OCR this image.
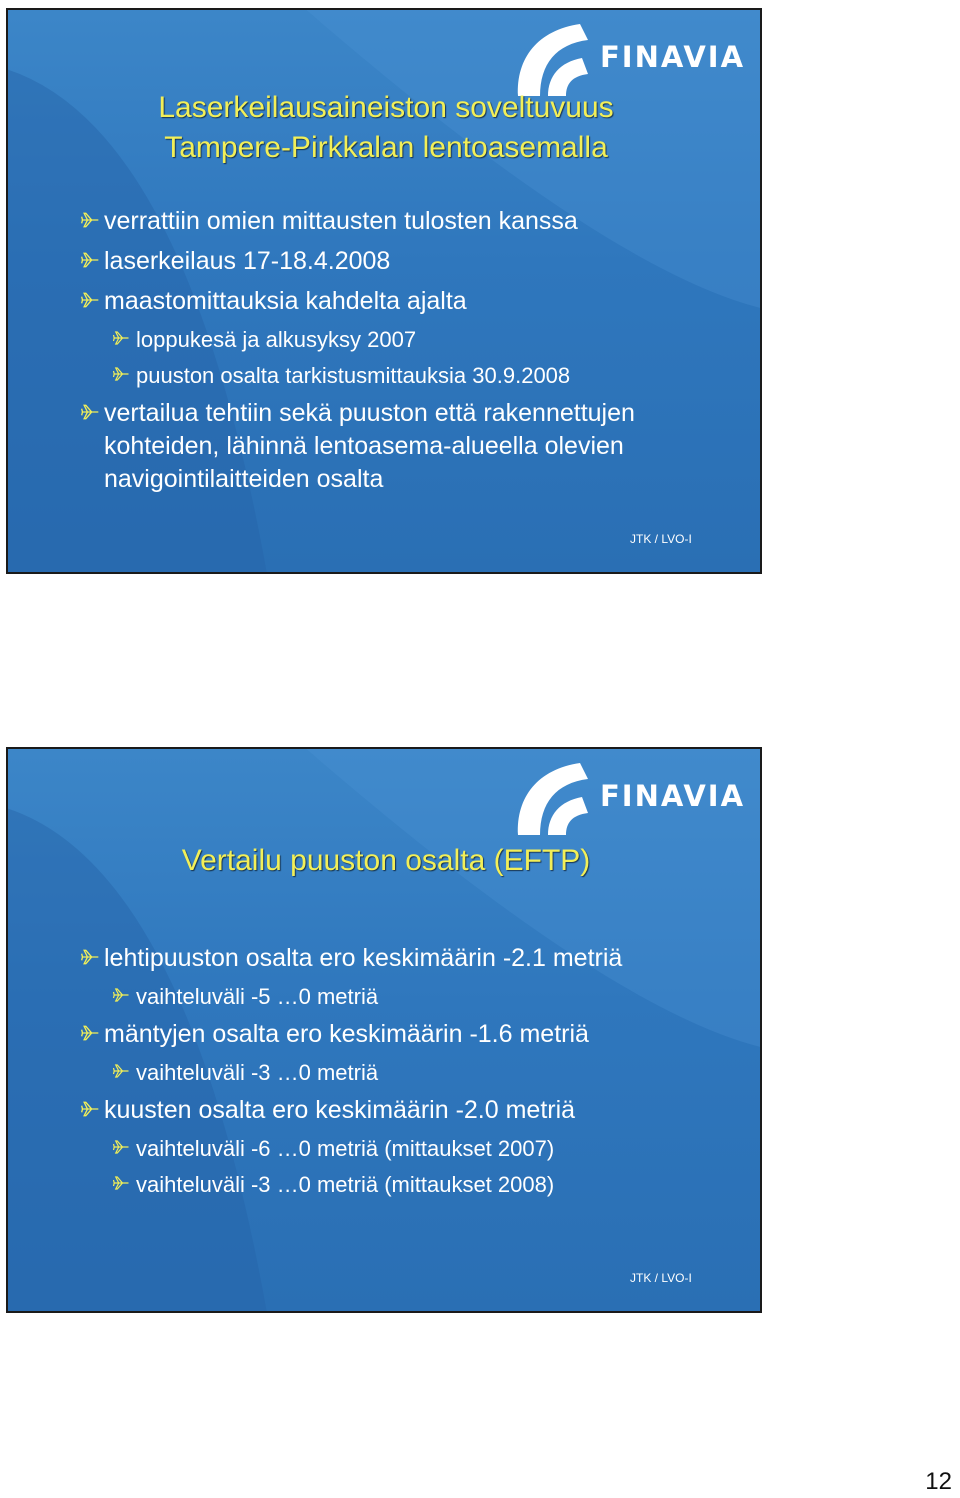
FINAVIA
Laserkeilausaineiston soveltuvuus
Tampere-Pirkkalan lentoasemalla
verrattiin omien mittausten tulosten kanssa
laserkeilaus 17-18.4.2008
maastomittauksia kahdelta ajalta
loppukesä ja alkusyksy 2007
puuston osalta tarkistusmittauksia 30.9.2008
vertailua tehtiin sekä puuston että rakennettujen kohteiden, lähinnä lentoasema-alueella olevien navigointilaitteiden osalta
JTK / LVO-I
FINAVIA
Vertailu puuston osalta (EFTP)
lehtipuuston osalta ero keskimäärin -2.1 metriä
vaihteluväli -5 …0 metriä
mäntyjen osalta ero keskimäärin -1.6 metriä
vaihteluväli -3 …0 metriä
kuusten osalta ero keskimäärin -2.0 metriä
vaihteluväli -6 …0 metriä (mittaukset 2007)
vaihteluväli -3 …0 metriä (mittaukset 2008)
JTK / LVO-I
12
